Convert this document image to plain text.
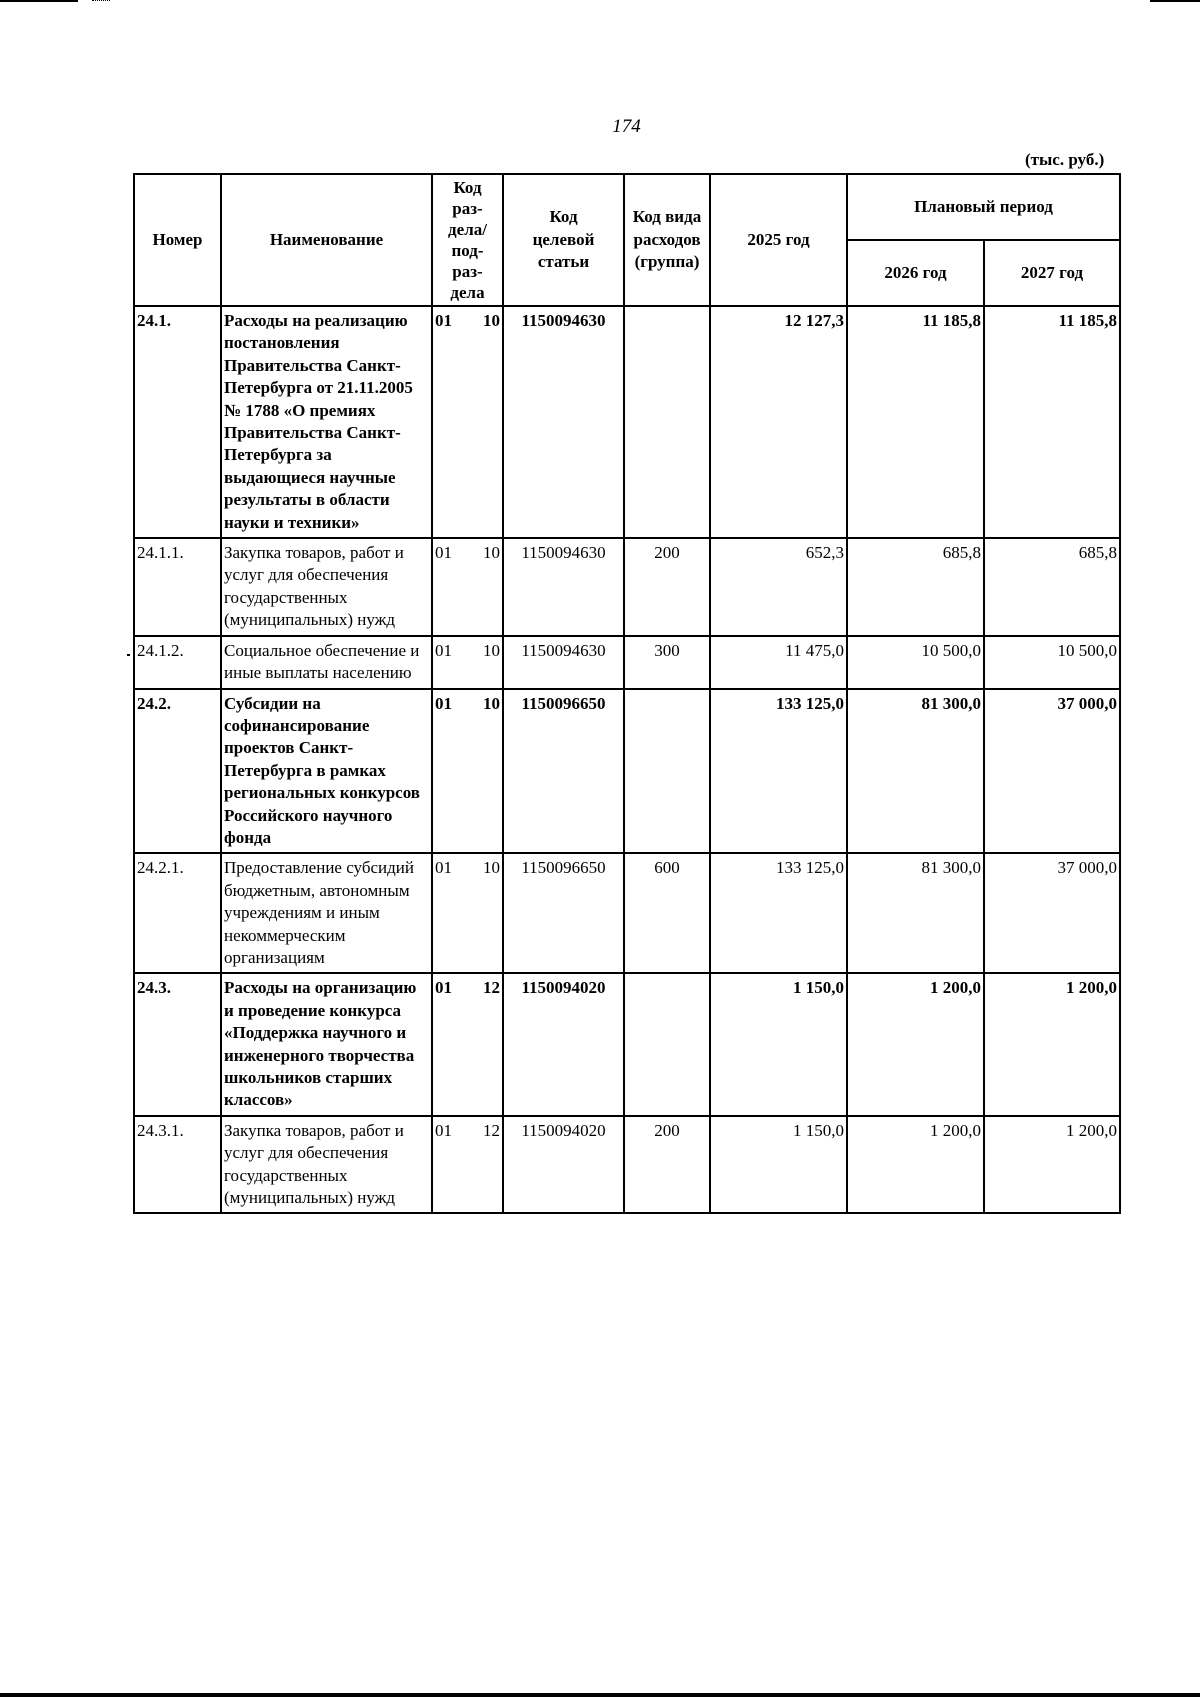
174
(тыс. руб.)
Номер	Наименование	Код раз-дела/ под-раз-дела	Код целевой статьи	Код вида расходов (группа)	2025 год	Плановый период	
						2026 год	2027 год
24.1.	Расходы на реализацию постановления Правительства Санкт-Петербурга от 21.11.2005 № 1788 «О премиях Правительства Санкт-Петербурга за выдающиеся научные результаты в области науки и техники»	01 10	1150094630		12 127,3	11 185,8	11 185,8
24.1.1.	Закупка товаров, работ и услуг для обеспечения государственных (муниципальных) нужд	01 10	1150094630	200	652,3	685,8	685,8
24.1.2.	Социальное обеспечение и иные выплаты населению	01 10	1150094630	300	11 475,0	10 500,0	10 500,0
24.2.	Субсидии на софинансирование проектов Санкт-Петербурга в рамках региональных конкурсов Российского научного фонда	01 10	1150096650		133 125,0	81 300,0	37 000,0
24.2.1.	Предоставление субсидий бюджетным, автономным учреждениям и иным некоммерческим организациям	01 10	1150096650	600	133 125,0	81 300,0	37 000,0
24.3.	Расходы на организацию и проведение конкурса «Поддержка научного и инженерного творчества школьников старших классов»	01 12	1150094020		1 150,0	1 200,0	1 200,0
24.3.1.	Закупка товаров, работ и услуг для обеспечения государственных (муниципальных) нужд	01 12	1150094020	200	1 150,0	1 200,0	1 200,0
